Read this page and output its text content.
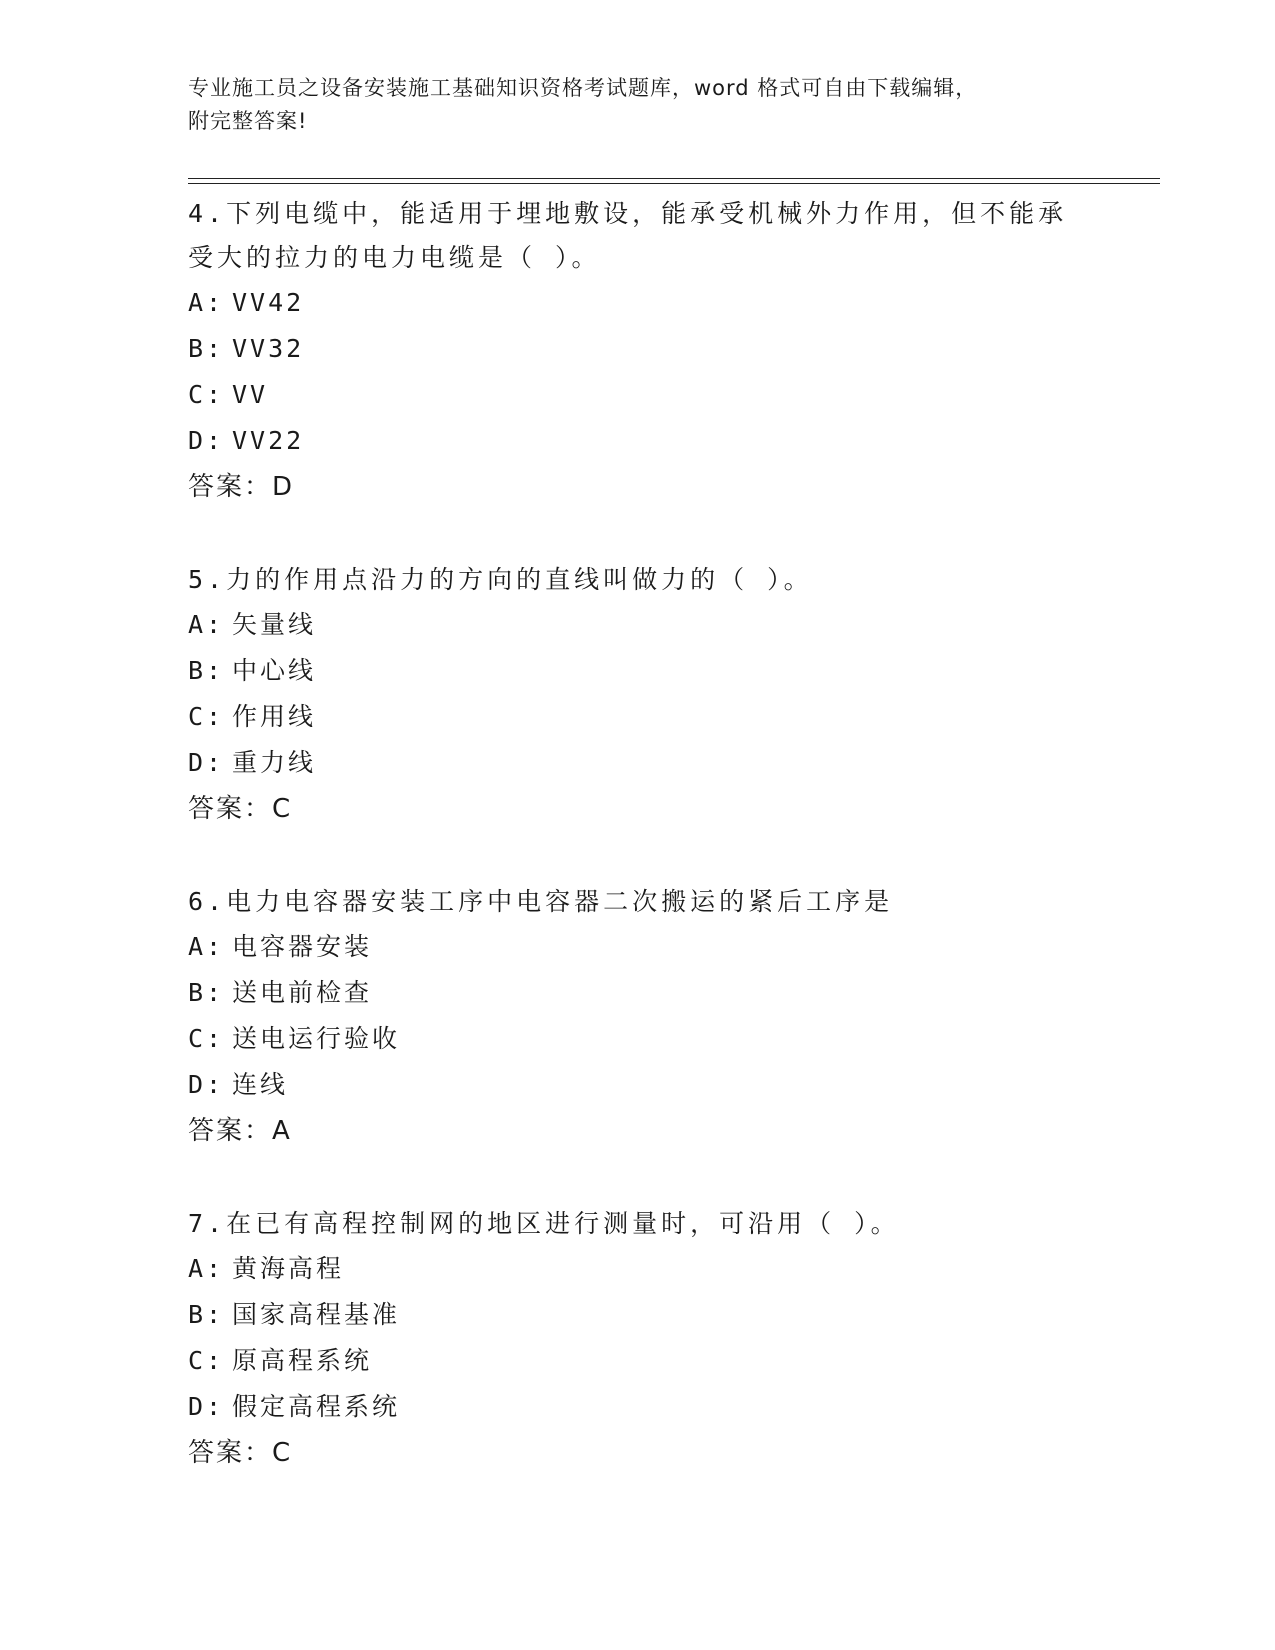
专业施工员之设备安装施工基础知识资格考试题库，word 格式可自由下载编辑，
附完整答案!
4.下列电缆中，能适用于埋地敷设，能承受机械外力作用，但不能承
受大的拉力的电力电缆是（ ）。
A: VV42
B: VV32
C: VV
D: VV22
答案：D
5.力的作用点沿力的方向的直线叫做力的（ ）。
A: 矢量线
B: 中心线
C: 作用线
D: 重力线
答案：C
6.电力电容器安装工序中电容器二次搬运的紧后工序是
A: 电容器安装
B: 送电前检查
C: 送电运行验收
D: 连线
答案：A
7.在已有高程控制网的地区进行测量时，可沿用（ ）。
A: 黄海高程
B: 国家高程基准
C: 原高程系统
D: 假定高程系统
答案：C
